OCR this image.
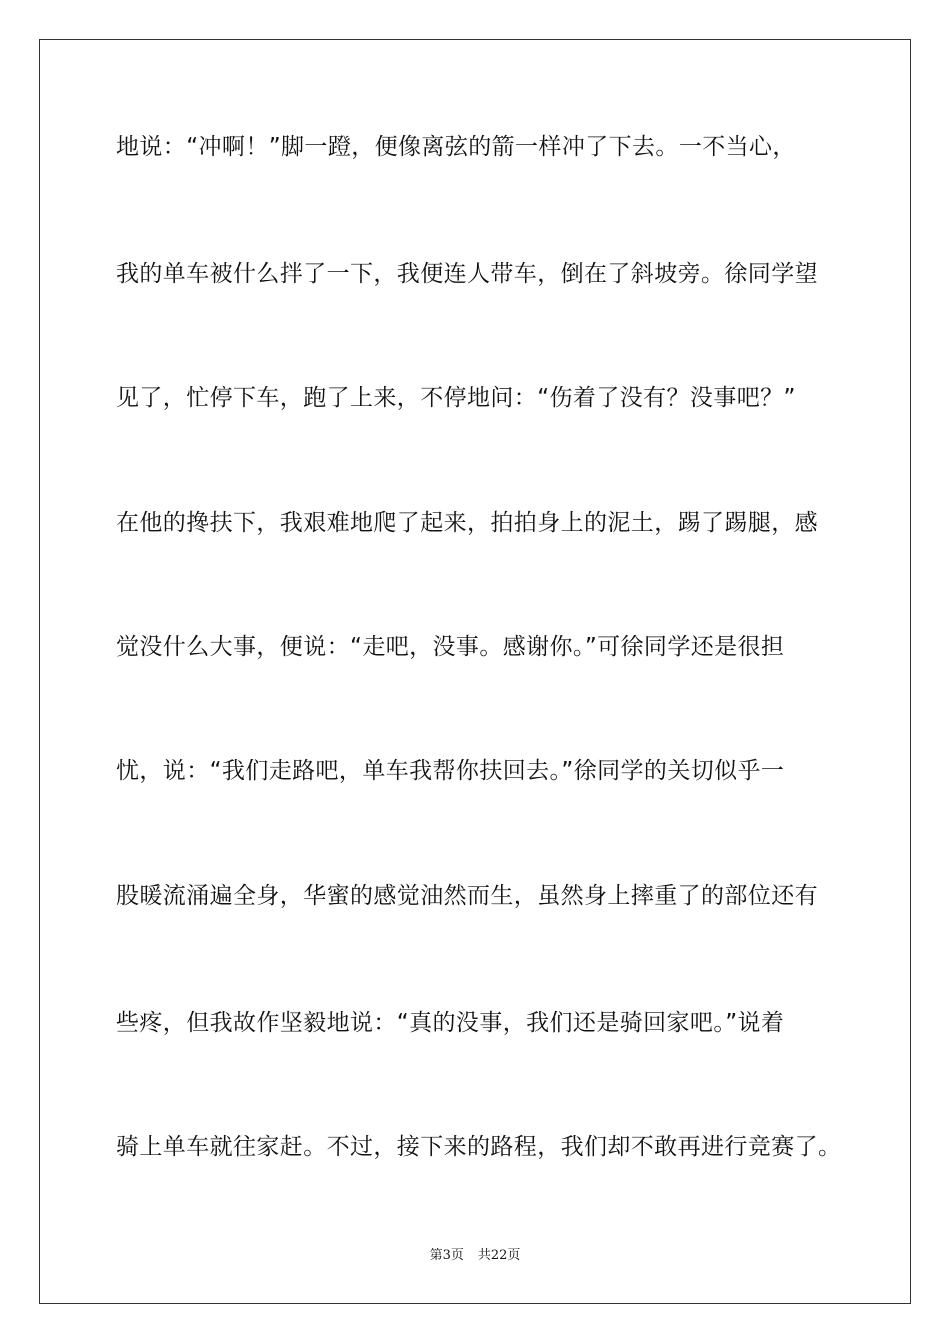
地说：“冲啊！”脚一蹬，便像离弦的箭一样冲了下去。一不当心，
我的单车被什么拌了一下，我便连人带车，倒在了斜坡旁。徐同学望
见了，忙停下车，跑了上来，不停地问：“伤着了没有？没事吧？”
在他的搀扶下，我艰难地爬了起来，拍拍身上的泥土，踢了踢腿，感
觉没什么大事，便说：“走吧，没事。感谢你。”可徐同学还是很担
忧，说：“我们走路吧，单车我帮你扶回去。”徐同学的关切似乎一
股暖流涌遍全身，华蜜的感觉油然而生，虽然身上摔重了的部位还有
些疼，但我故作坚毅地说：“真的没事，我们还是骑回家吧。”说着
骑上单车就往家赶。不过，接下来的路程，我们却不敢再进行竞赛了。
第3页 共22页
